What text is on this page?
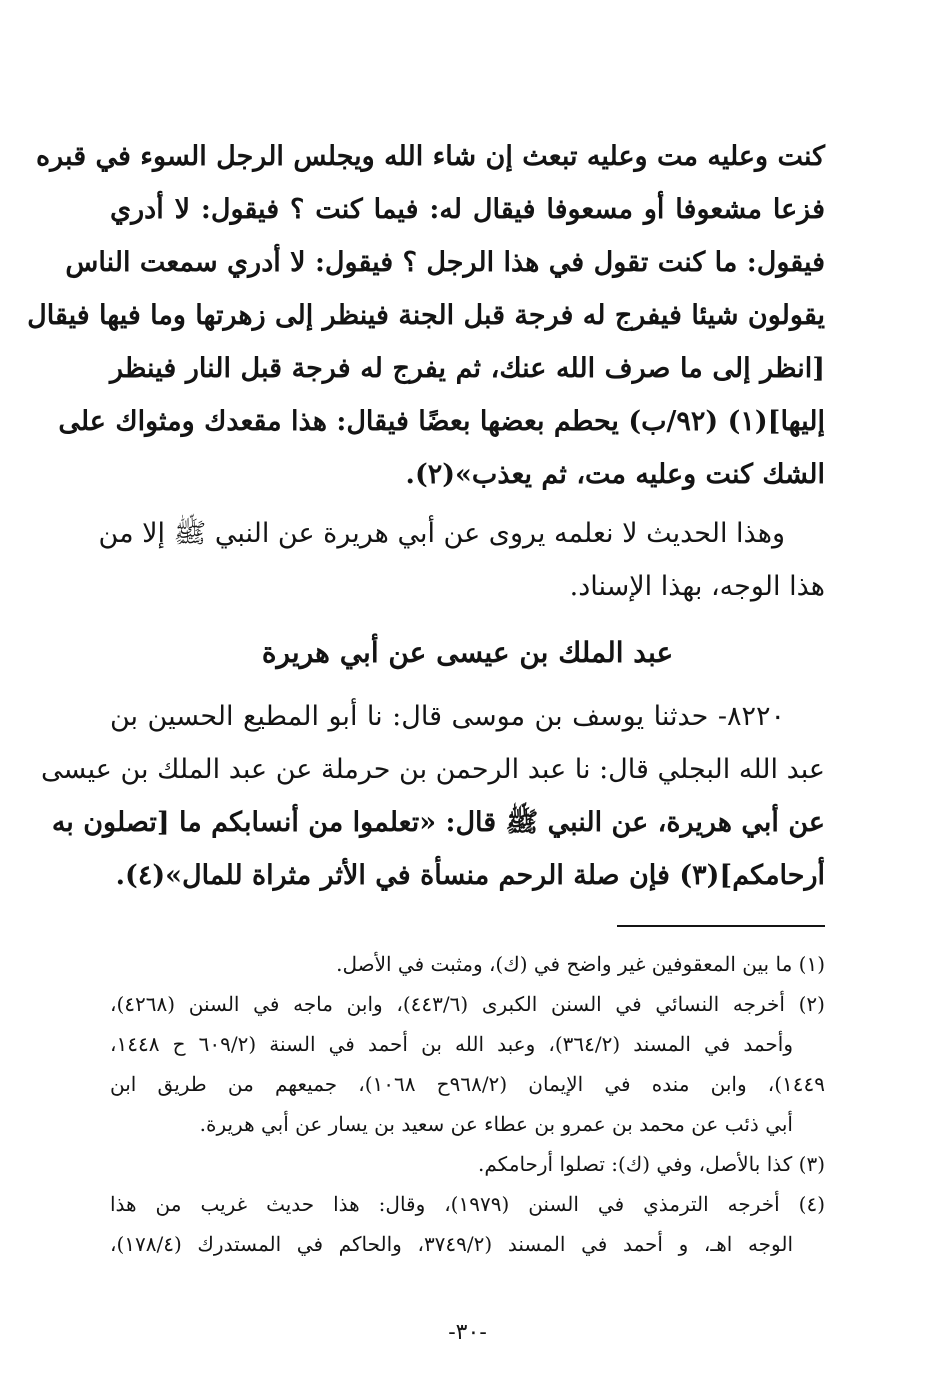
كنت وعليه مت وعليه تبعث إن شاء الله ويجلس الرجل السوء في قبره
فزعا مشعوفا أو مسعوفا فيقال له: فيما كنت ؟ فيقول: لا أدري
فيقول: ما كنت تقول في هذا الرجل ؟ فيقول: لا أدري سمعت الناس
يقولون شيئا فيفرج له فرجة قبل الجنة فينظر إلى زهرتها وما فيها فيقال
[انظر إلى ما صرف الله عنك، ثم يفرج له فرجة قبل النار فينظر
إليها](١) (٩٢/ب) يحطم بعضها بعضًا فيقال: هذا مقعدك ومثواك على
الشك كنت وعليه مت، ثم يعذب»(٢).
وهذا الحديث لا نعلمه يروى عن أبي هريرة عن النبي ﷺ إلا من
هذا الوجه، بهذا الإسناد.
عبد الملك بن عيسى عن أبي هريرة
٨٢٢٠- حدثنا يوسف بن موسى قال: نا أبو المطيع الحسين بن
عبد الله البجلي قال: نا عبد الرحمن بن حرملة عن عبد الملك بن عيسى
عن أبي هريرة، عن النبي ﷺ قال: «تعلموا من أنسابكم ما [تصلون به
أرحامكم](٣) فإن صلة الرحم منسأة في الأثر مثراة للمال»(٤).
(١) ما بين المعقوفين غير واضح في (ك)، ومثبت في الأصل.
(٢) أخرجه النسائي في السنن الكبرى (٤٤٣/٦)، وابن ماجه في السنن (٤٢٦٨)،
وأحمد في المسند (٣٦٤/٢)، وعبد الله بن أحمد في السنة (٦٠٩/٢ ح ١٤٤٨،
١٤٤٩)، وابن منده في الإيمان (٩٦٨/٢ح ١٠٦٨)، جميعهم من طريق ابن
أبي ذئب عن محمد بن عمرو بن عطاء عن سعيد بن يسار عن أبي هريرة.
(٣) كذا بالأصل، وفي (ك): تصلوا أرحامكم.
(٤) أخرجه الترمذي في السنن (١٩٧٩)، وقال: هذا حديث غريب من هذا
الوجه اهـ، و أحمد في المسند (٣٧٤٩/٢، والحاكم في المستدرك (١٧٨/٤)،
-٣٠-
